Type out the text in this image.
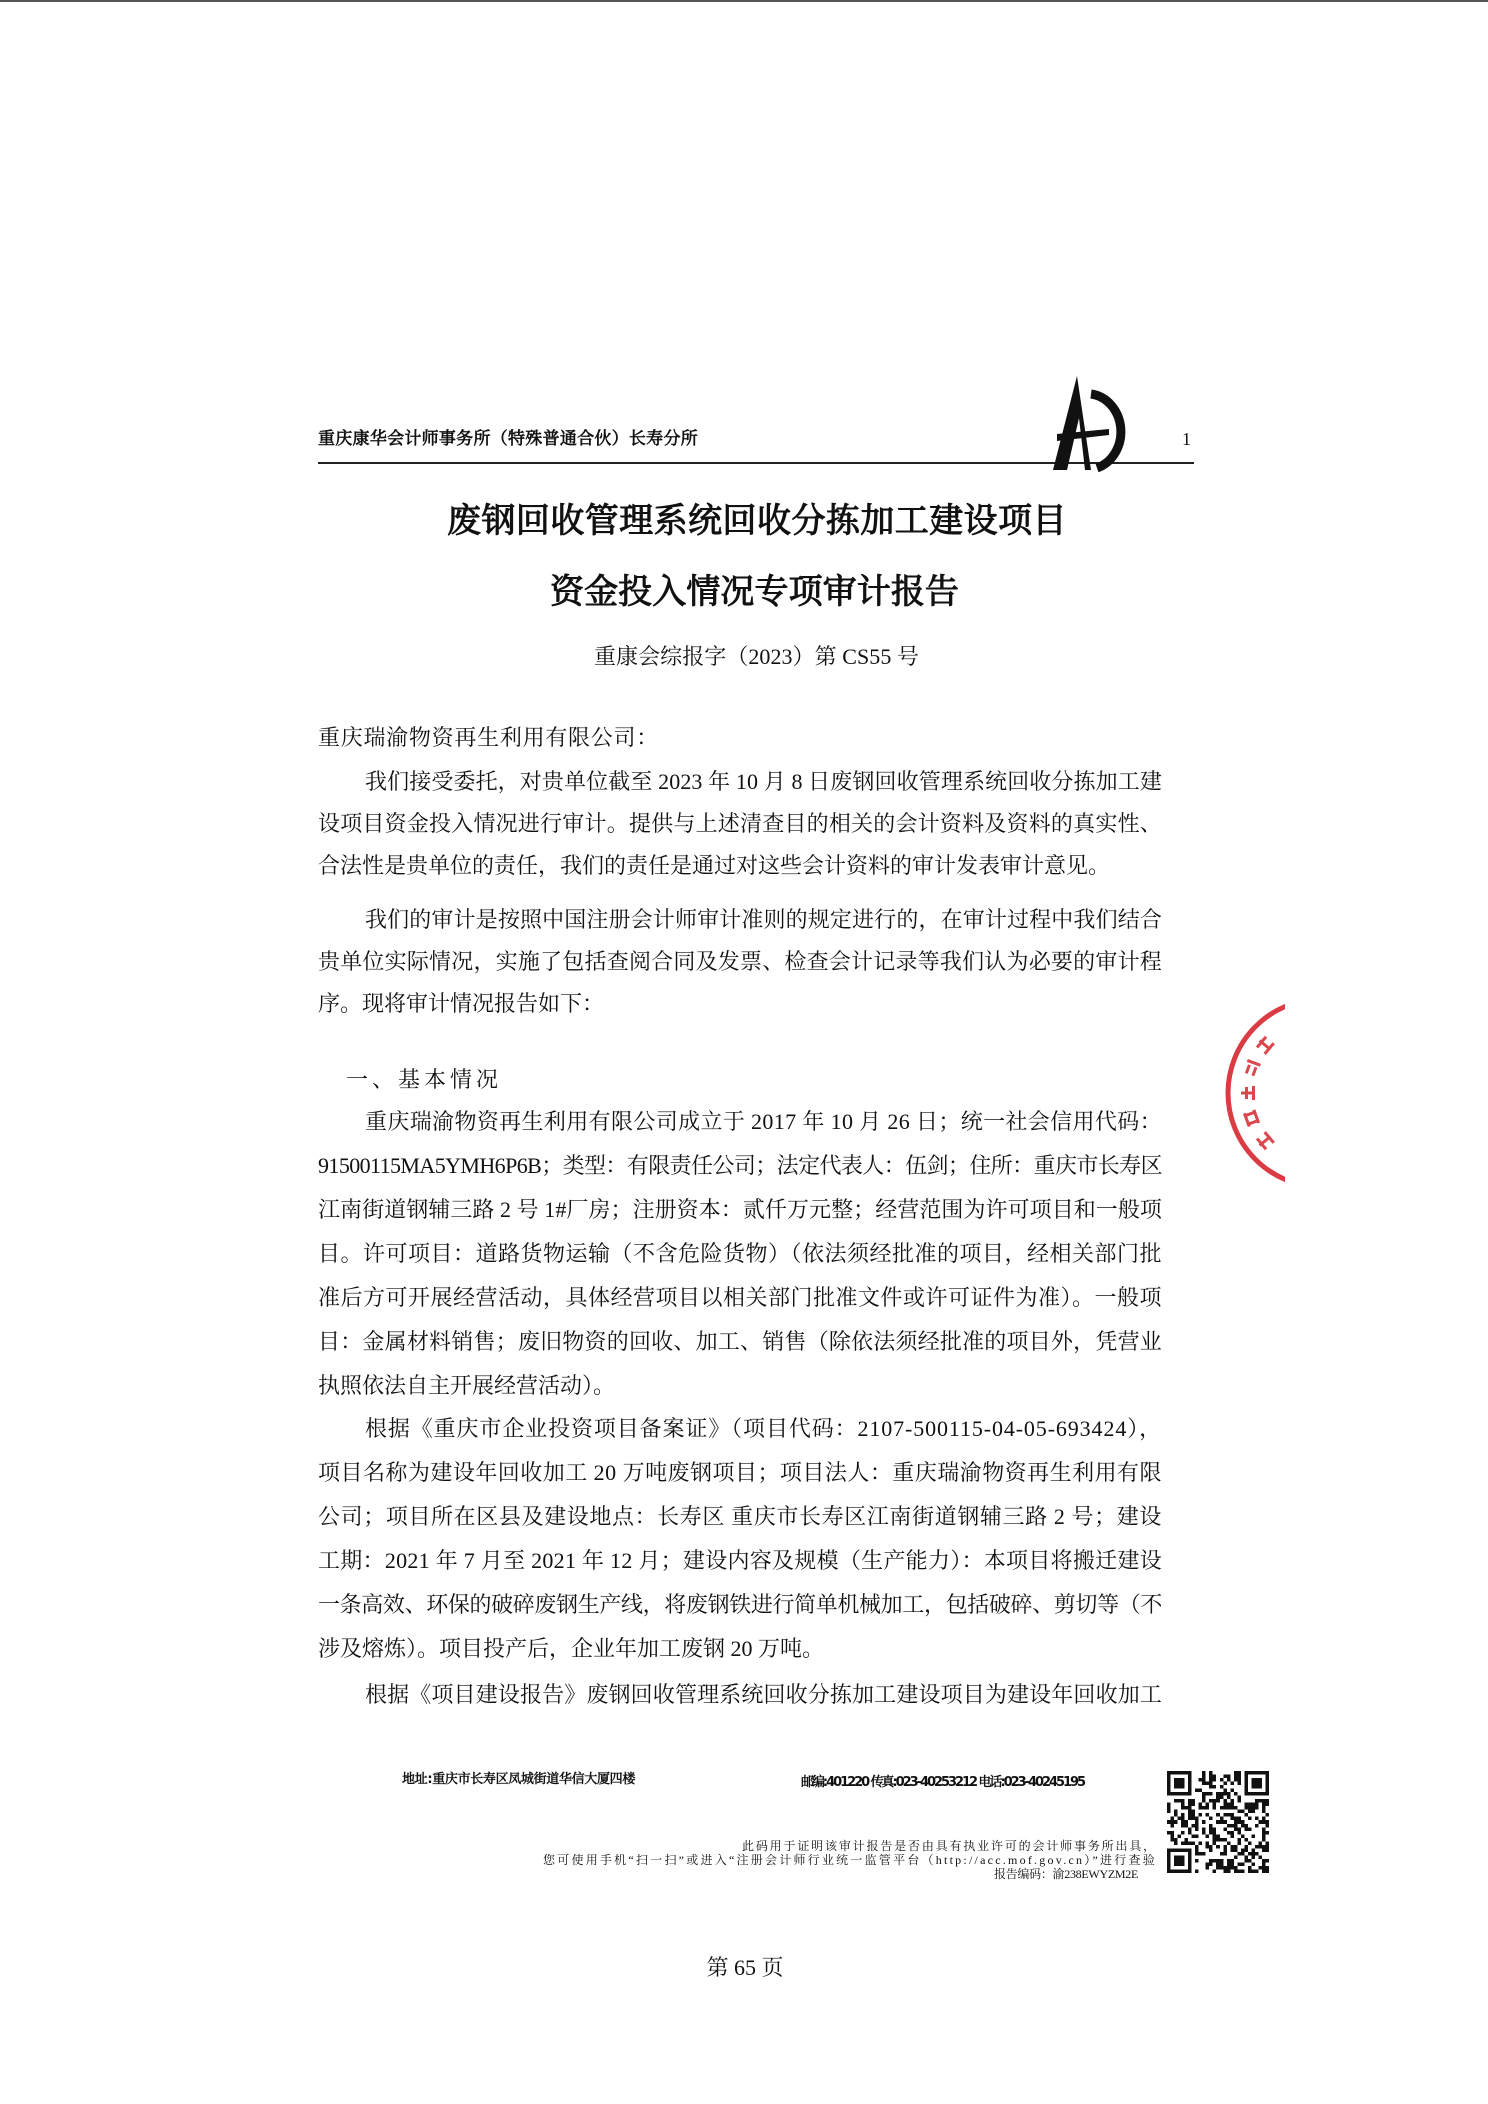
重庆康华会计师事务所（特殊普通合伙）长寿分所	1
废钢回收管理系统回收分拣加工建设项目
资金投入情况专项审计报告
重康会综报字（2023）第 CS55 号
重庆瑞渝物资再生利用有限公司：
我们接受委托，对贵单位截至 2023 年 10 月 8 日废钢回收管理系统回收分拣加工建
设项目资金投入情况进行审计。提供与上述清查目的相关的会计资料及资料的真实性、
合法性是贵单位的责任，我们的责任是通过对这些会计资料的审计发表审计意见。
我们的审计是按照中国注册会计师审计准则的规定进行的，在审计过程中我们结合
贵单位实际情况，实施了包括查阅合同及发票、检查会计记录等我们认为必要的审计程
序。现将审计情况报告如下：
一、基本情况
重庆瑞渝物资再生利用有限公司成立于 2017 年 10 月 26 日；统一社会信用代码：
91500115MA5YMH6P6B；类型：有限责任公司；法定代表人：伍剑；住所：重庆市长寿区
江南街道钢辅三路 2 号 1#厂房；注册资本：贰仟万元整；经营范围为许可项目和一般项
目。许可项目：道路货物运输（不含危险货物）（依法须经批准的项目，经相关部门批
准后方可开展经营活动，具体经营项目以相关部门批准文件或许可证件为准）。一般项
目：金属材料销售；废旧物资的回收、加工、销售（除依法须经批准的项目外，凭营业
执照依法自主开展经营活动）。
根据《重庆市企业投资项目备案证》（项目代码：2107-500115-04-05-693424），
项目名称为建设年回收加工 20 万吨废钢项目；项目法人：重庆瑞渝物资再生利用有限
公司；项目所在区县及建设地点：长寿区 重庆市长寿区江南街道钢辅三路 2 号；建设
工期：2021 年 7 月至 2021 年 12 月；建设内容及规模（生产能力）：本项目将搬迁建设
一条高效、环保的破碎废钢生产线，将废钢铁进行简单机械加工，包括破碎、剪切等（不
涉及熔炼）。项目投产后，企业年加工废钢 20 万吨。
根据《项目建设报告》废钢回收管理系统回收分拣加工建设项目为建设年回收加工
地址:重庆市长寿区凤城街道华信大厦四楼	邮编:401220 传真:023-40253212 电话:023-40245195
此码用于证明该审计报告是否由具有执业许可的会计师事务所出具，
您可使用手机“扫一扫”或进入“注册会计师行业统一监管平台（http://acc.mof.gov.cn）”进行查验
报告编码：渝238EWYZM2E
第 65 页
